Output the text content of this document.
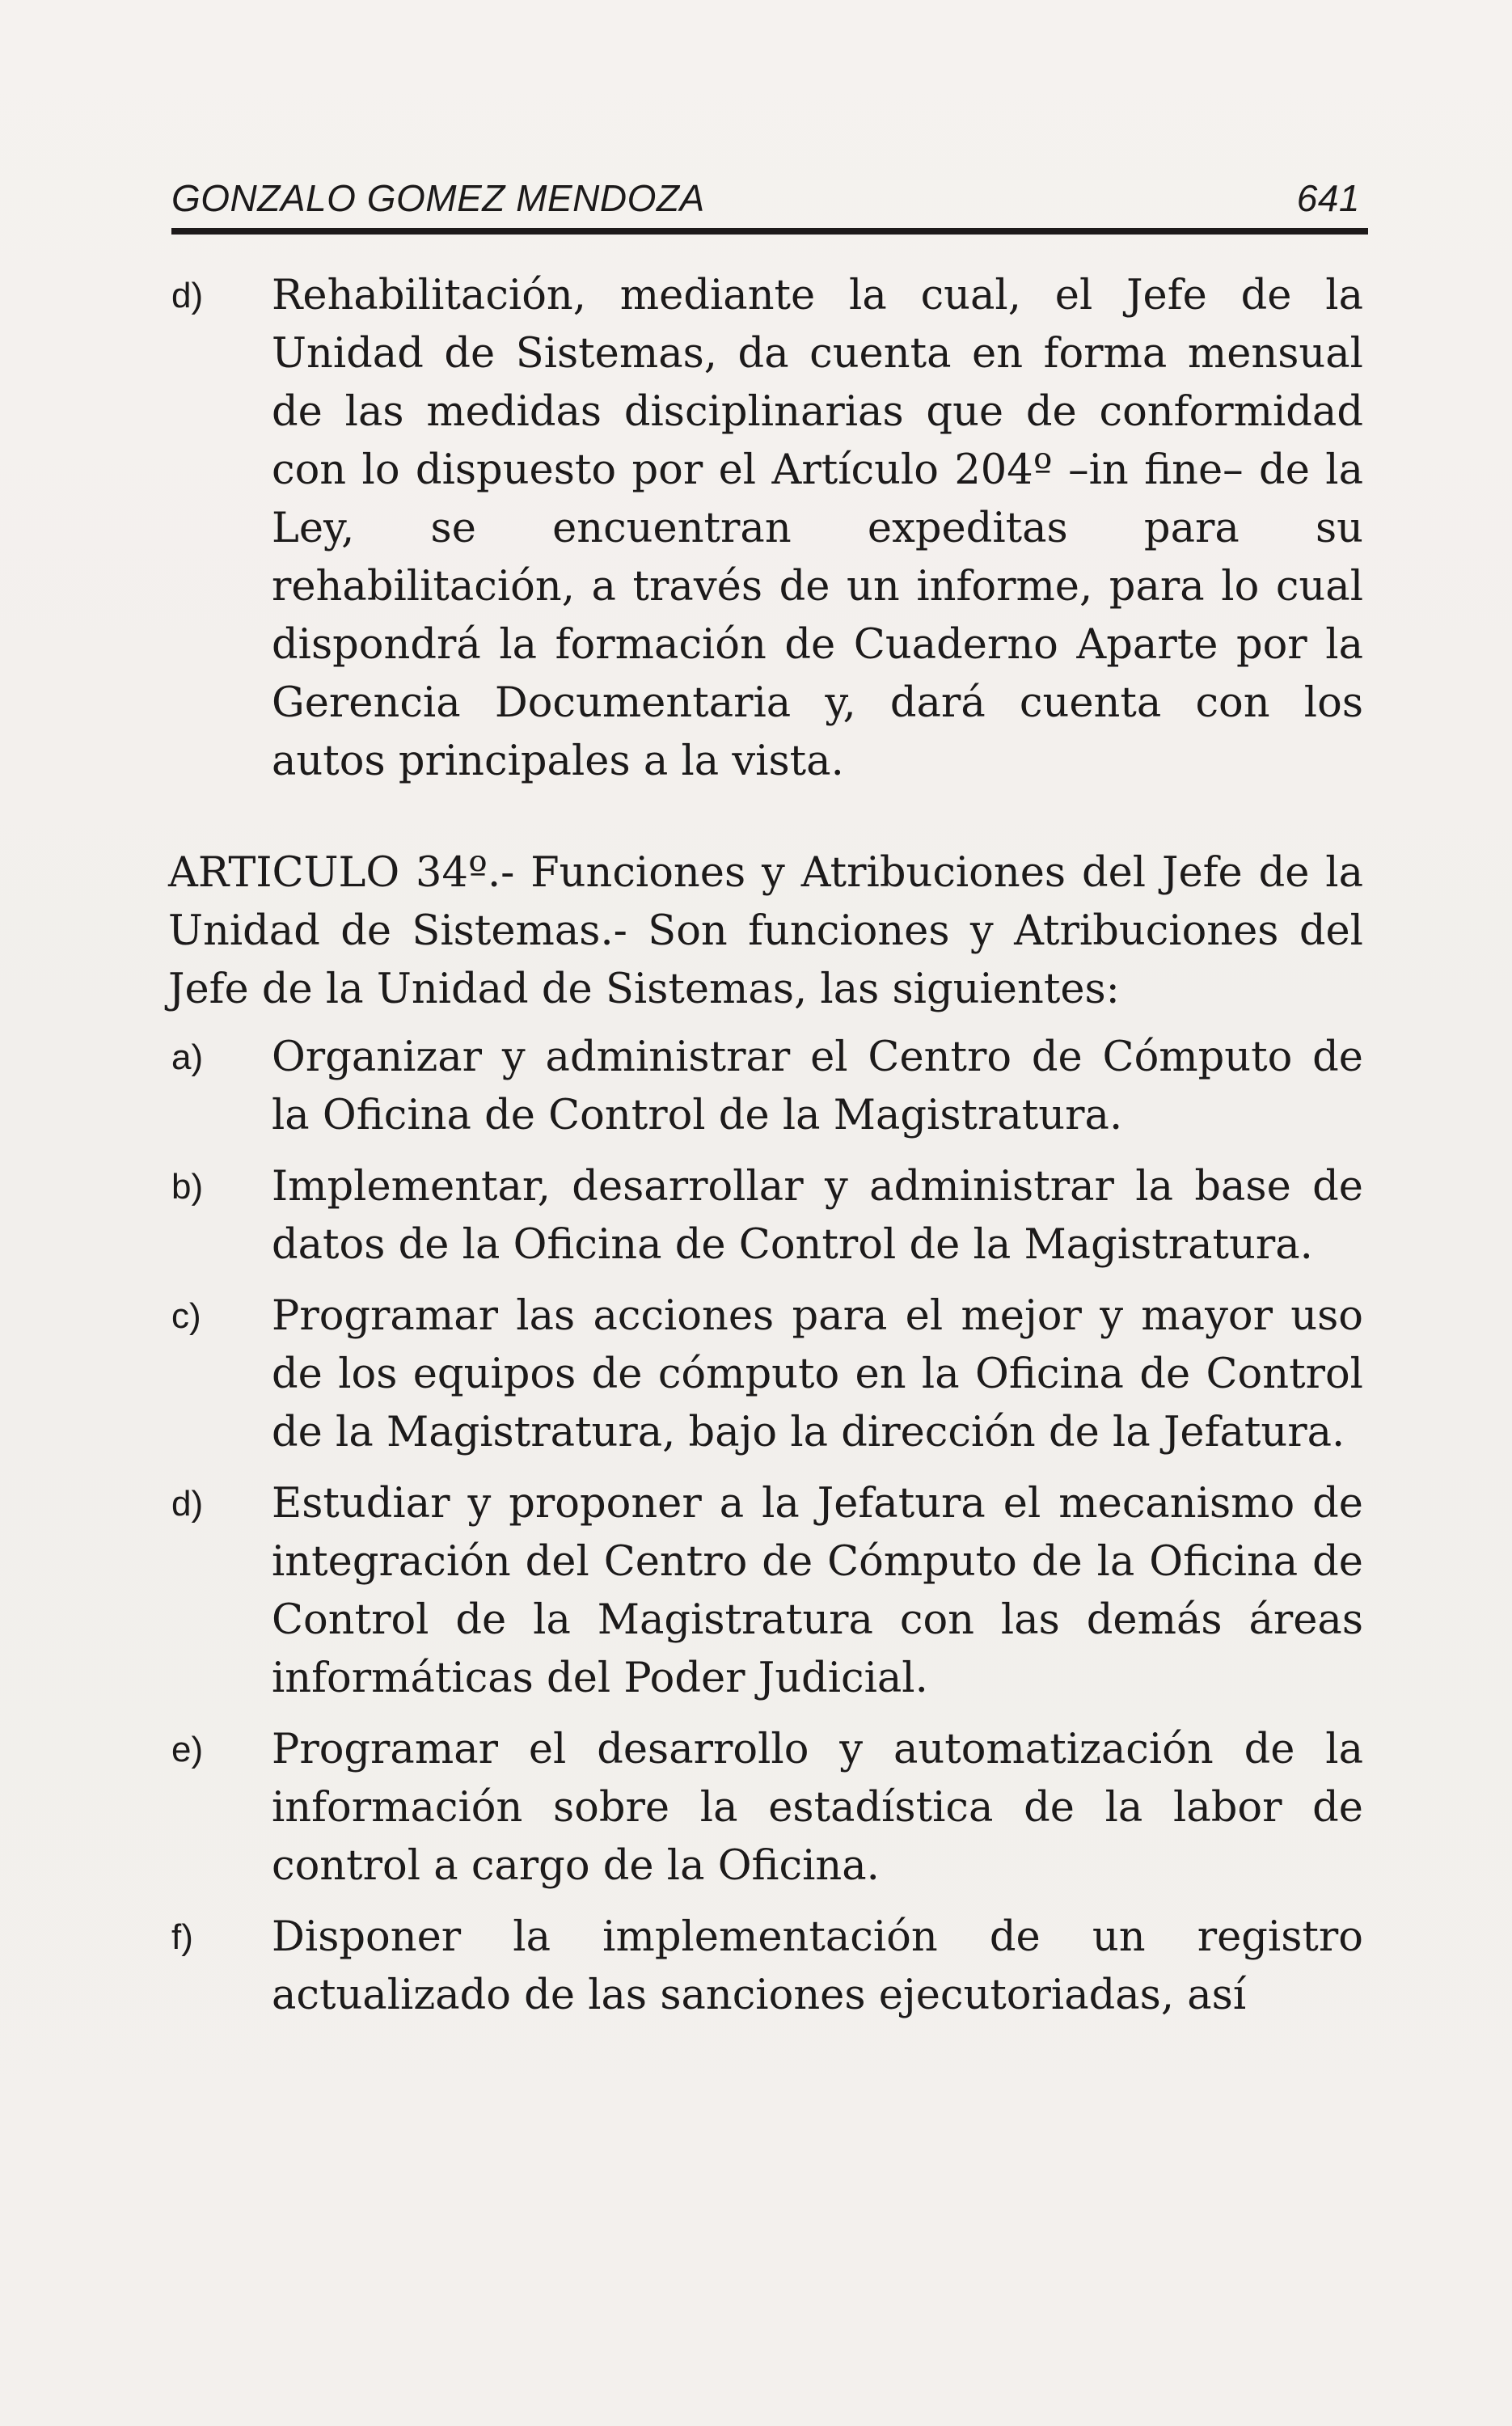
GONZALO GOMEZ MENDOZA	641
d)	Rehabilitación, mediante la cual, el Jefe de la Unidad de Sistemas, da cuenta en forma mensual de las medidas disciplinarias que de conformidad con lo dispuesto por el Artículo 204º –in fine– de la Ley, se encuentran expeditas para su rehabilitación, a través de un informe, para lo cual dispondrá la formación de Cuaderno Aparte por la Gerencia Documentaria y, dará cuenta con los autos principales a la vista.
ARTICULO 34º.- Funciones y Atribuciones del Jefe de la Unidad de Sistemas.- Son funciones y Atribuciones del Jefe de la Unidad de Sistemas, las siguientes:
a)	Organizar y administrar el Centro de Cómputo de la Oficina de Control de la Magistratura.
b)	Implementar, desarrollar y administrar la base de datos de la Oficina de Control de la Magistratura.
c)	Programar las acciones para el mejor y mayor uso de los equipos de cómputo en la Oficina de Control de la Magistratura, bajo la dirección de la Jefatura.
d)	Estudiar y proponer a la Jefatura el mecanismo de integración del Centro de Cómputo de la Oficina de Control de la Magistratura con las demás áreas informáticas del Poder Judicial.
e)	Programar el desarrollo y automatización de la información sobre la estadística de la labor de control a cargo de la Oficina.
f)	Disponer la implementación de un registro actualizado de las sanciones ejecutoriadas, así
